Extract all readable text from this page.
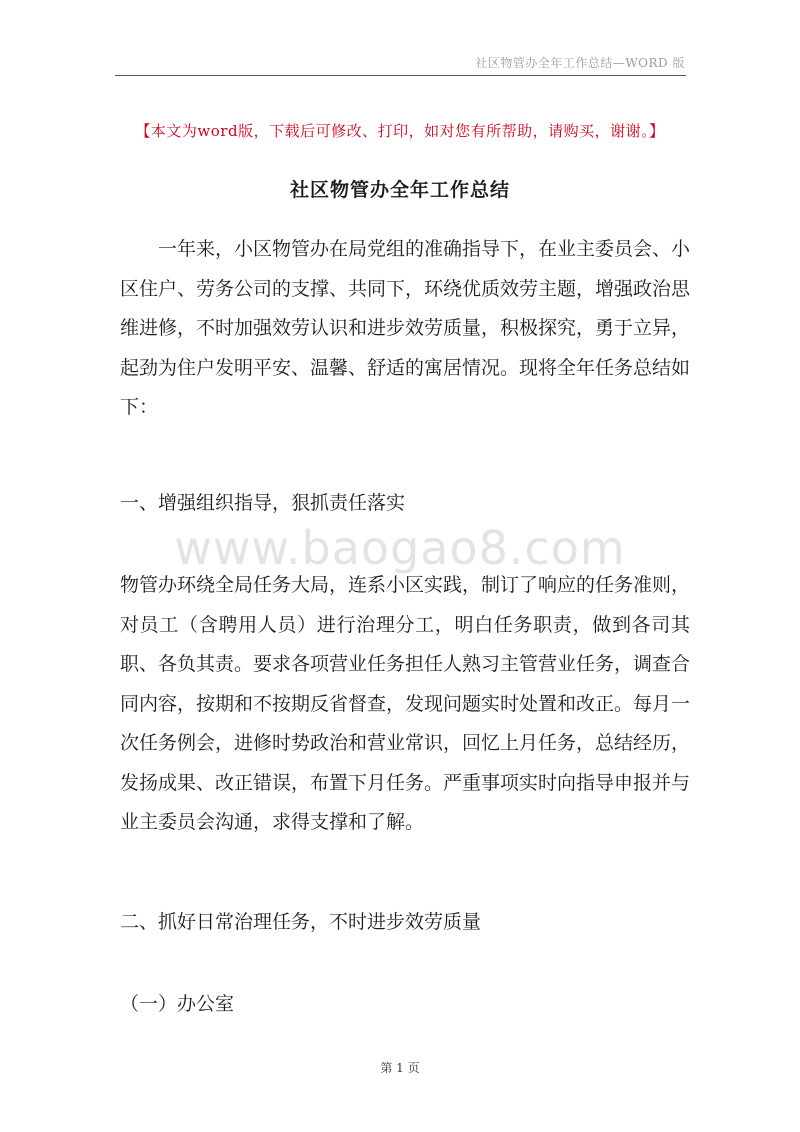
社区物管办全年工作总结—WORD 版
【本文为word版，下载后可修改、打印，如对您有所帮助，请购买，谢谢。】
社区物管办全年工作总结

一年来，小区物管办在局党组的准确指导下，在业主委员会、小区住户、劳务公司的支撑、共同下，环绕优质效劳主题，增强政治思维进修，不时加强效劳认识和进步效劳质量，积极探究，勇于立异，起劲为住户发明平安、温馨、舒适的寓居情况。现将全年任务总结如下：

一、增强组织指导，狠抓责任落实

www.baogao8.com

物管办环绕全局任务大局，连系小区实践，制订了响应的任务准则，对员工（含聘用人员）进行治理分工，明白任务职责，做到各司其职、各负其责。要求各项营业任务担任人熟习主管营业任务，调查合同内容，按期和不按期反省督查，发现问题实时处置和改正。每月一次任务例会，进修时势政治和营业常识，回忆上月任务，总结经历，发扬成果、改正错误，布置下月任务。严重事项实时向指导申报并与业主委员会沟通，求得支撑和了解。

二、抓好日常治理任务，不时进步效劳质量

（一）办公室

第 1 页
